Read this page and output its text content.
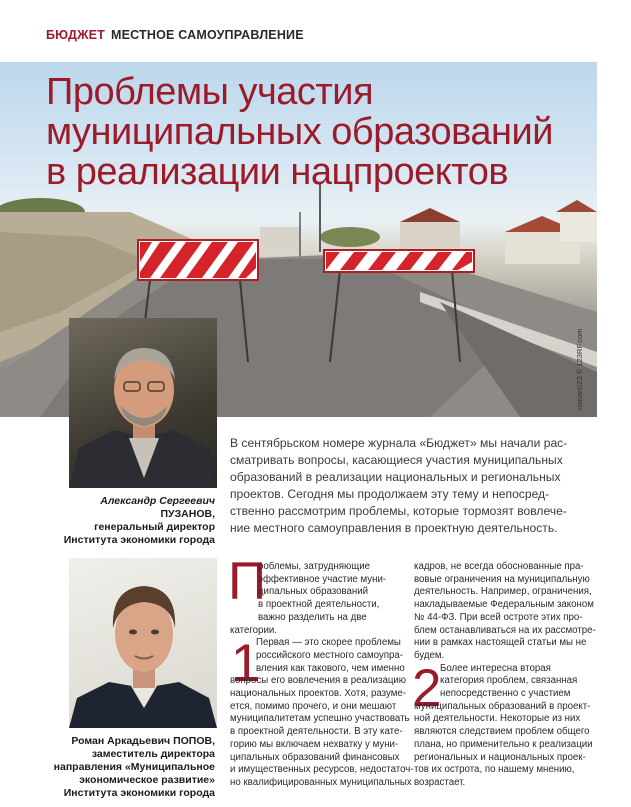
БЮДЖЕТ МЕСТНОЕ САМОУПРАВЛЕНИЕ
roman023 © 123RF.com
Проблемы участия
муниципальных образований
в реализации нацпроектов
Александр Сергеевич
ПУЗАНОВ,
генеральный директор
Института экономики города
Роман Аркадьевич ПОПОВ,
заместитель директора
направления «Муниципальное
экономическое развитие»
Института экономики города
В сентябрьском номере журнала «Бюджет» мы начали рас-
сматривать вопросы, касающиеся участия муниципальных
образований в реализации национальных и региональных
проектов. Сегодня мы продолжаем эту тему и непосред-
ственно рассмотрим проблемы, которые тормозят вовлече-
ние местного самоуправления в проектную деятельность.
П
1	2
роблемы, затрудняющие
эффективное участие муни-
ципальных образований
в проектной деятельности,
важно разделить на две
категории.
Первая — это скорее проблемы
российского местного самоупра-
вления как такового, чем именно
вопросы его вовлечения в реализацию
национальных проектов. Хотя, разуме-
ется, помимо прочего, и они мешают
муниципалитетам успешно участвовать
в проектной деятельности. В эту кате-
горию мы включаем нехватку у муни-
ципальных образований финансовых
и имущественных ресурсов, недостаточ-
но квалифицированных муниципальных
кадров, не всегда обоснованные пра-
вовые ограничения на муниципальную
деятельность. Например, ограничения,
накладываемые Федеральным законом
№ 44-ФЗ. При всей остроте этих про-
блем останавливаться на их рассмотре-
нии в рамках настоящей статьи мы не
будем.
Более интересна вторая
категория проблем, связанная
непосредственно с участием
муниципальных образований в проект-
ной деятельности. Некоторые из них
являются следствием проблем общего
плана, но применительно к реализации
региональных и национальных проек-
тов их острота, по нашему мнению,
возрастает.
